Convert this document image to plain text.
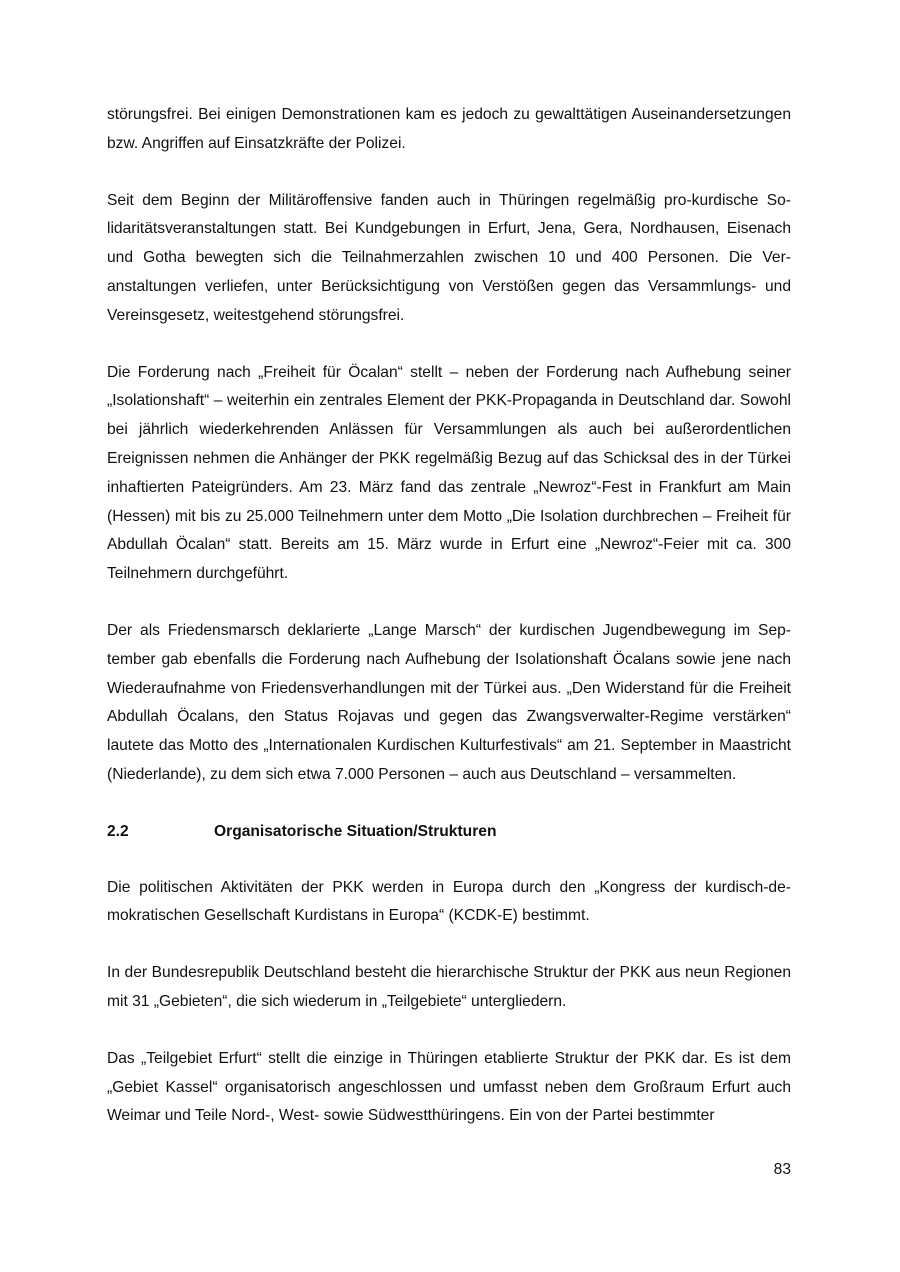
störungsfrei. Bei einigen Demonstrationen kam es jedoch zu gewalttätigen Auseinandersetzungen bzw. Angriffen auf Einsatzkräfte der Polizei.

Seit dem Beginn der Militäroffensive fanden auch in Thüringen regelmäßig pro-kurdische Solidaritätsveranstaltungen statt. Bei Kundgebungen in Erfurt, Jena, Gera, Nordhausen, Eisenach und Gotha bewegten sich die Teilnahmerzahlen zwischen 10 und 400 Personen. Die Veranstaltungen verliefen, unter Berücksichtigung von Verstößen gegen das Versammlungs- und Vereinsgesetz, weitestgehend störungsfrei.

Die Forderung nach „Freiheit für Öcalan“ stellt – neben der Forderung nach Aufhebung seiner „Isolationshaft“ – weiterhin ein zentrales Element der PKK-Propaganda in Deutschland dar. Sowohl bei jährlich wiederkehrenden Anlässen für Versammlungen als auch bei außerordentlichen Ereignissen nehmen die Anhänger der PKK regelmäßig Bezug auf das Schicksal des in der Türkei inhaftierten Pateigründers. Am 23. März fand das zentrale „Newroz“-Fest in Frankfurt am Main (Hessen) mit bis zu 25.000 Teilnehmern unter dem Motto „Die Isolation durchbrechen – Freiheit für Abdullah Öcalan“ statt. Bereits am 15. März wurde in Erfurt eine „Newroz“-Feier mit ca. 300 Teilnehmern durchgeführt.

Der als Friedensmarsch deklarierte „Lange Marsch“ der kurdischen Jugendbewegung im September gab ebenfalls die Forderung nach Aufhebung der Isolationshaft Öcalans sowie jene nach Wiederaufnahme von Friedensverhandlungen mit der Türkei aus. „Den Widerstand für die Freiheit Abdullah Öcalans, den Status Rojavas und gegen das Zwangsverwalter-Regime verstärken“ lautete das Motto des „Internationalen Kurdischen Kulturfestivals“ am 21. September in Maastricht (Niederlande), zu dem sich etwa 7.000 Personen – auch aus Deutschland – versammelten.

2.2	Organisatorische Situation/Strukturen

Die politischen Aktivitäten der PKK werden in Europa durch den „Kongress der kurdisch-demokratischen Gesellschaft Kurdistans in Europa“ (KCDK-E) bestimmt.

In der Bundesrepublik Deutschland besteht die hierarchische Struktur der PKK aus neun Regionen mit 31 „Gebieten“, die sich wiederum in „Teilgebiete“ untergliedern.

Das „Teilgebiet Erfurt“ stellt die einzige in Thüringen etablierte Struktur der PKK dar. Es ist dem „Gebiet Kassel“ organisatorisch angeschlossen und umfasst neben dem Großraum Erfurt auch Weimar und Teile Nord-, West- sowie Südwestthüringens. Ein von der Partei bestimmter

83
